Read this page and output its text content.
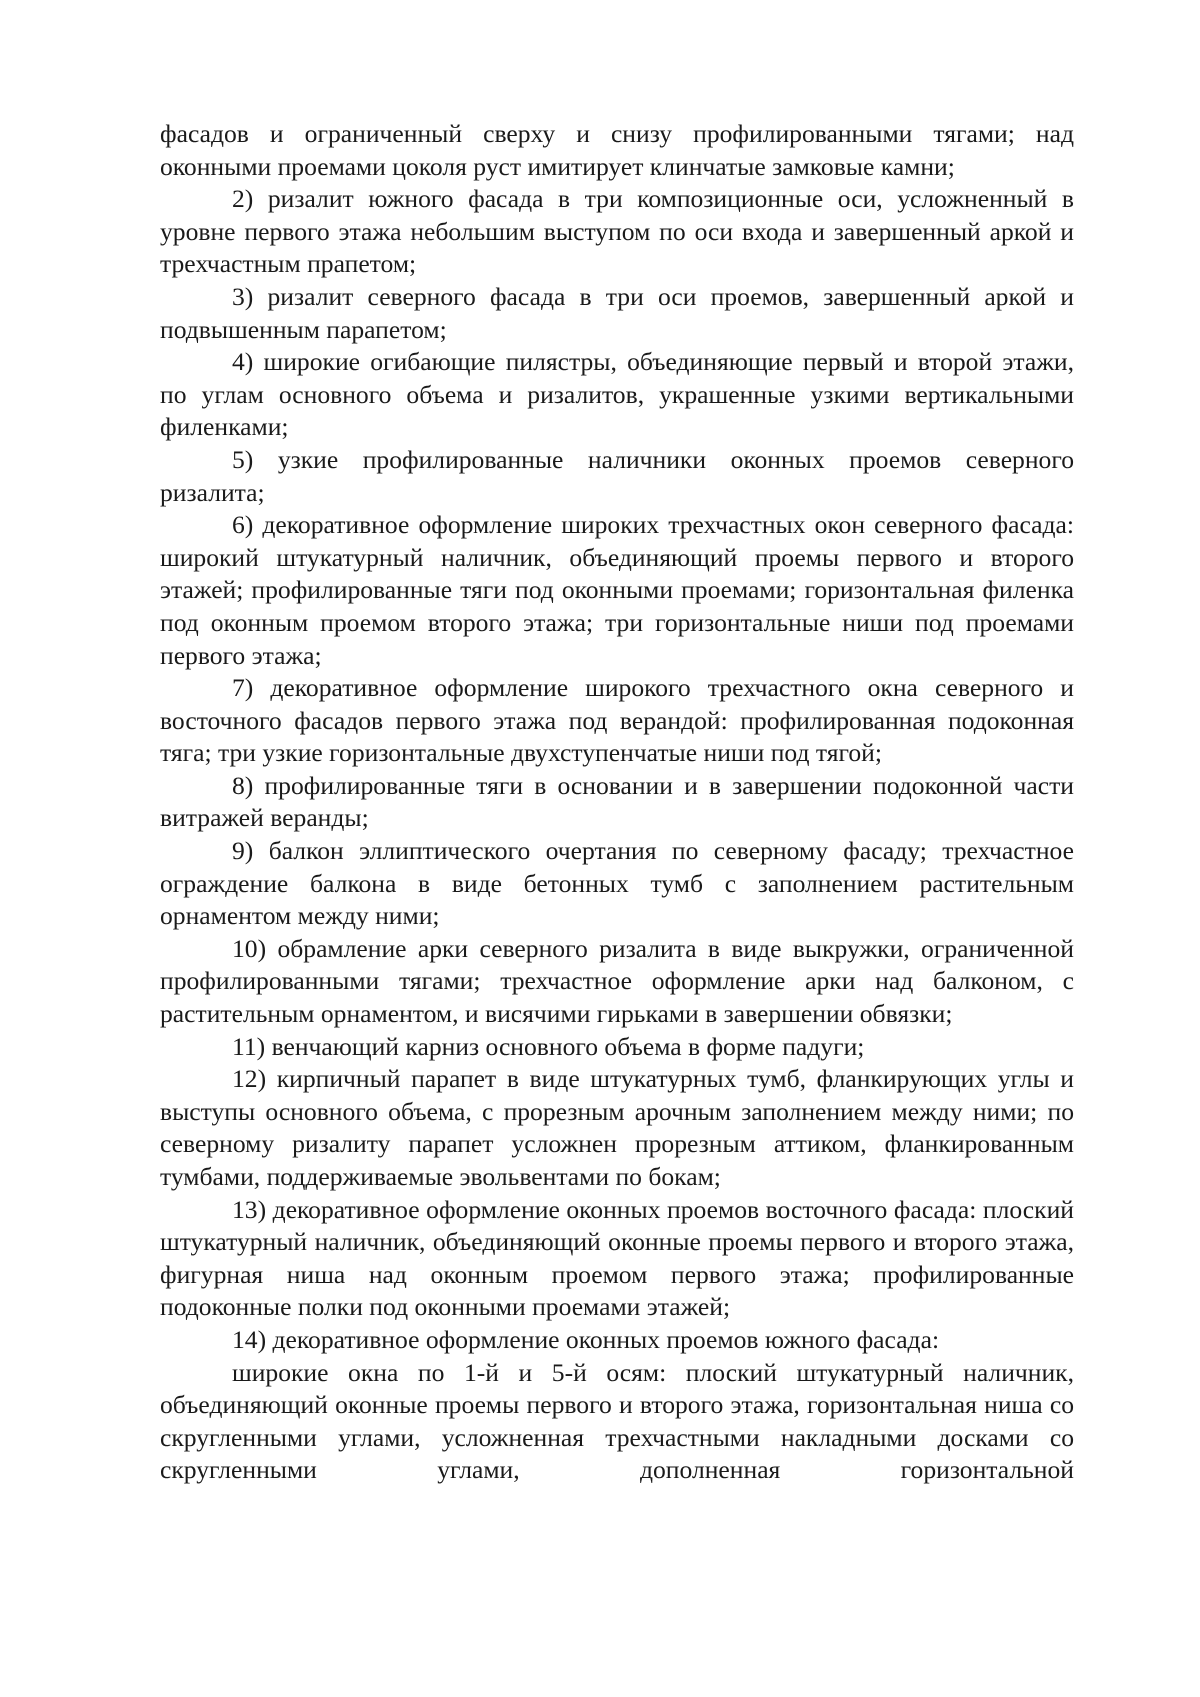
фасадов и ограниченный сверху и снизу профилированными тягами; над оконными проемами цоколя руст имитирует клинчатые замковые камни;

2) ризалит южного фасада в три композиционные оси, усложненный в уровне первого этажа небольшим выступом по оси входа и завершенный аркой и трехчастным прапетом;

3) ризалит северного фасада в три оси проемов, завершенный аркой и подвышенным парапетом;

4) широкие огибающие пилястры, объединяющие первый и второй этажи, по углам основного объема и ризалитов, украшенные узкими вертикальными филенками;

5) узкие профилированные наличники оконных проемов северного ризалита;

6) декоративное оформление широких трехчастных окон северного фасада: широкий штукатурный наличник, объединяющий проемы первого и второго этажей; профилированные тяги под оконными проемами; горизонтальная филенка под оконным проемом второго этажа; три горизонтальные ниши под проемами первого этажа;

7) декоративное оформление широкого трехчастного окна северного и восточного фасадов первого этажа под верандой: профилированная подоконная тяга; три узкие горизонтальные двухступенчатые ниши под тягой;

8) профилированные тяги в основании и в завершении подоконной части витражей веранды;

9) балкон эллиптического очертания по северному фасаду; трехчастное ограждение балкона в виде бетонных тумб с заполнением растительным орнаментом между ними;

10) обрамление арки северного ризалита в виде выкружки, ограниченной профилированными тягами; трехчастное оформление арки над балконом, с растительным орнаментом, и висячими гирьками в завершении обвязки;

11) венчающий карниз основного объема в форме падуги;

12) кирпичный парапет в виде штукатурных тумб, фланкирующих углы и выступы основного объема, с прорезным арочным заполнением между ними; по северному ризалиту парапет усложнен прорезным аттиком, фланкированным тумбами, поддерживаемые эвольвентами по бокам;

13) декоративное оформление оконных проемов восточного фасада: плоский штукатурный наличник, объединяющий оконные проемы первого и второго этажа, фигурная ниша над оконным проемом первого этажа; профилированные подоконные полки под оконными проемами этажей;

14) декоративное оформление оконных проемов южного фасада:

широкие окна по 1-й и 5-й осям: плоский штукатурный наличник, объединяющий оконные проемы первого и второго этажа, горизонтальная ниша со скругленными углами, усложненная трехчастными накладными досками со скругленными углами, дополненная горизонтальной
